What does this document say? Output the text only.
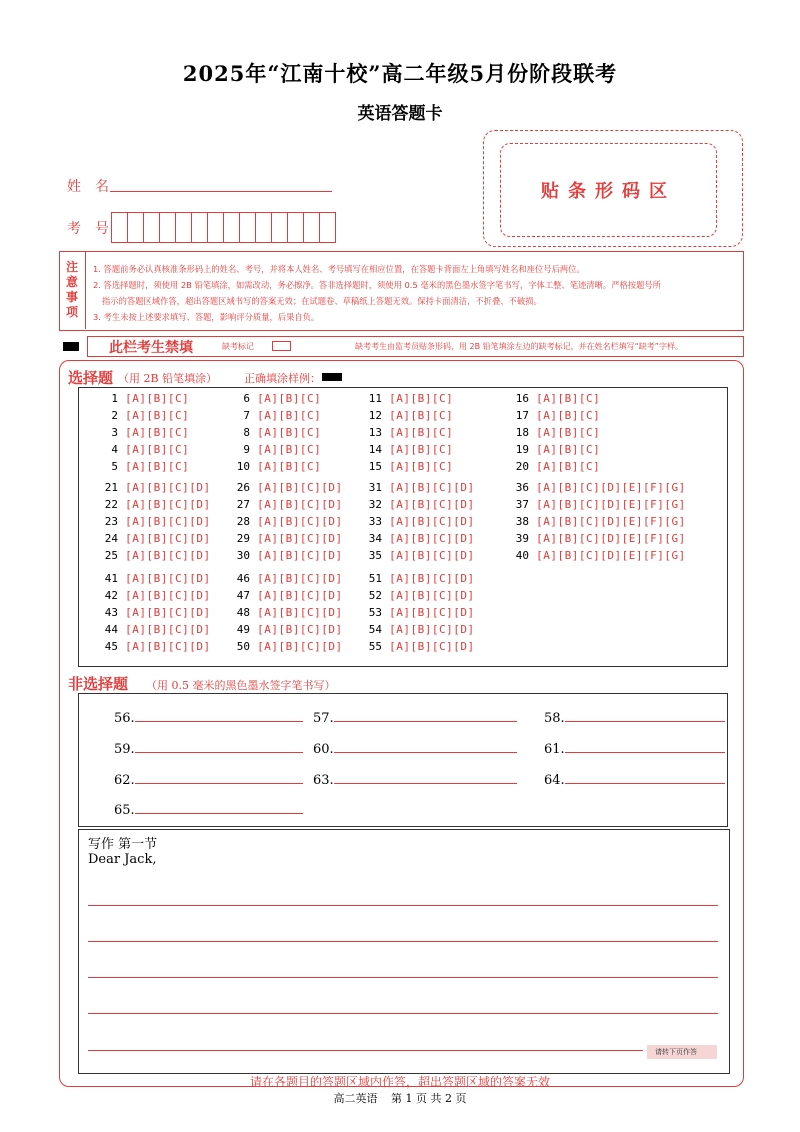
2025年“江南十校”高二年级5月份阶段联考
英语答题卡
姓　名
考　号
贴条形码区
注
意
事
项
1. 答题前务必认真核准条形码上的姓名、考号，并将本人姓名、考号填写在相应位置，在答题卡背面左上角填写姓名和座位号后两位。
2. 答选择题时，须使用 2B 铅笔填涂，如需改动，务必擦净。答非选择题时，须使用 0.5 毫米的黑色墨水签字笔书写，字体工整、笔迹清晰。严格按题号所
指示的答题区域作答，超出答题区域书写的答案无效；在试题卷、草稿纸上答题无效。保持卡面清洁，不折叠、不破损。
3. 考生未按上述要求填写、答题，影响评分质量，后果自负。
此栏考生禁填	缺考标记	缺考考生由监考员贴条形码，用 2B 铅笔填涂左边的缺考标记，并在姓名栏填写“缺考”字样。
选择题 （用 2B 铅笔填涂） 正确填涂样例：
1 [A][B][C]
2 [A][B][C]
3 [A][B][C]
4 [A][B][C]
5 [A][B][C]
6 [A][B][C]
7 [A][B][C]
8 [A][B][C]
9 [A][B][C]
10 [A][B][C]
11 [A][B][C]
12 [A][B][C]
13 [A][B][C]
14 [A][B][C]
15 [A][B][C]
16 [A][B][C]
17 [A][B][C]
18 [A][B][C]
19 [A][B][C]
20 [A][B][C]
21 [A][B][C][D]
22 [A][B][C][D]
23 [A][B][C][D]
24 [A][B][C][D]
25 [A][B][C][D]
26 [A][B][C][D]
27 [A][B][C][D]
28 [A][B][C][D]
29 [A][B][C][D]
30 [A][B][C][D]
31 [A][B][C][D]
32 [A][B][C][D]
33 [A][B][C][D]
34 [A][B][C][D]
35 [A][B][C][D]
36 [A][B][C][D][E][F][G]
37 [A][B][C][D][E][F][G]
38 [A][B][C][D][E][F][G]
39 [A][B][C][D][E][F][G]
40 [A][B][C][D][E][F][G]
41 [A][B][C][D]
42 [A][B][C][D]
43 [A][B][C][D]
44 [A][B][C][D]
45 [A][B][C][D]
46 [A][B][C][D]
47 [A][B][C][D]
48 [A][B][C][D]
49 [A][B][C][D]
50 [A][B][C][D]
51 [A][B][C][D]
52 [A][B][C][D]
53 [A][B][C][D]
54 [A][B][C][D]
55 [A][B][C][D]
非选择题 （用 0.5 毫米的黑色墨水签字笔书写）
56.	57.	58.
59.	60.	61.
62.	63.	64.
65.
写作 第一节
Dear Jack,
请转下页作答
请在各题目的答题区域内作答，超出答题区域的答案无效
高二英语 第 1 页 共 2 页
